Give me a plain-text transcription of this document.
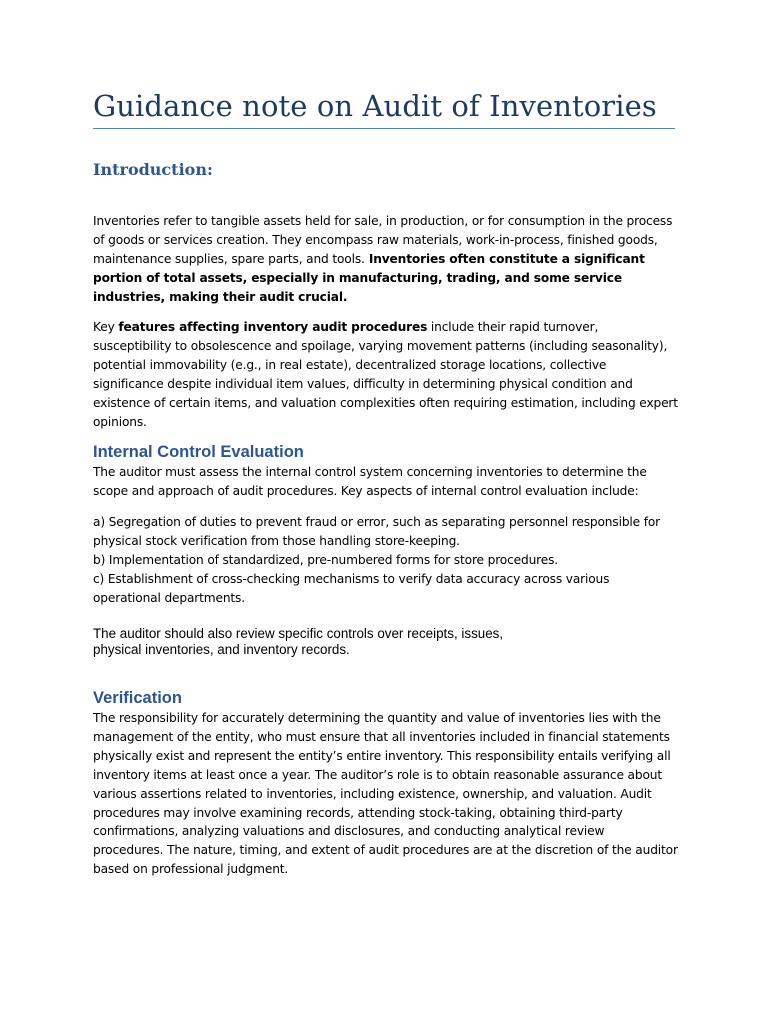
Guidance note on Audit of Inventories
Introduction:
Inventories refer to tangible assets held for sale, in production, or for consumption in the process of goods or services creation. They encompass raw materials, work-in-process, finished goods, maintenance supplies, spare parts, and tools. Inventories often constitute a significant portion of total assets, especially in manufacturing, trading, and some service industries, making their audit crucial.
Key features affecting inventory audit procedures include their rapid turnover, susceptibility to obsolescence and spoilage, varying movement patterns (including seasonality), potential immovability (e.g., in real estate), decentralized storage locations, collective significance despite individual item values, difficulty in determining physical condition and existence of certain items, and valuation complexities often requiring estimation, including expert opinions.
Internal Control Evaluation
The auditor must assess the internal control system concerning inventories to determine the scope and approach of audit procedures. Key aspects of internal control evaluation include:
a) Segregation of duties to prevent fraud or error, such as separating personnel responsible for physical stock verification from those handling store-keeping.
b) Implementation of standardized, pre-numbered forms for store procedures.
c) Establishment of cross-checking mechanisms to verify data accuracy across various operational departments.
The auditor should also review specific controls over receipts, issues,
physical inventories, and inventory records.
Verification
The responsibility for accurately determining the quantity and value of inventories lies with the management of the entity, who must ensure that all inventories included in financial statements physically exist and represent the entity’s entire inventory. This responsibility entails verifying all inventory items at least once a year. The auditor’s role is to obtain reasonable assurance about various assertions related to inventories, including existence, ownership, and valuation. Audit procedures may involve examining records, attending stock-taking, obtaining third-party confirmations, analyzing valuations and disclosures, and conducting analytical review procedures. The nature, timing, and extent of audit procedures are at the discretion of the auditor based on professional judgment.
